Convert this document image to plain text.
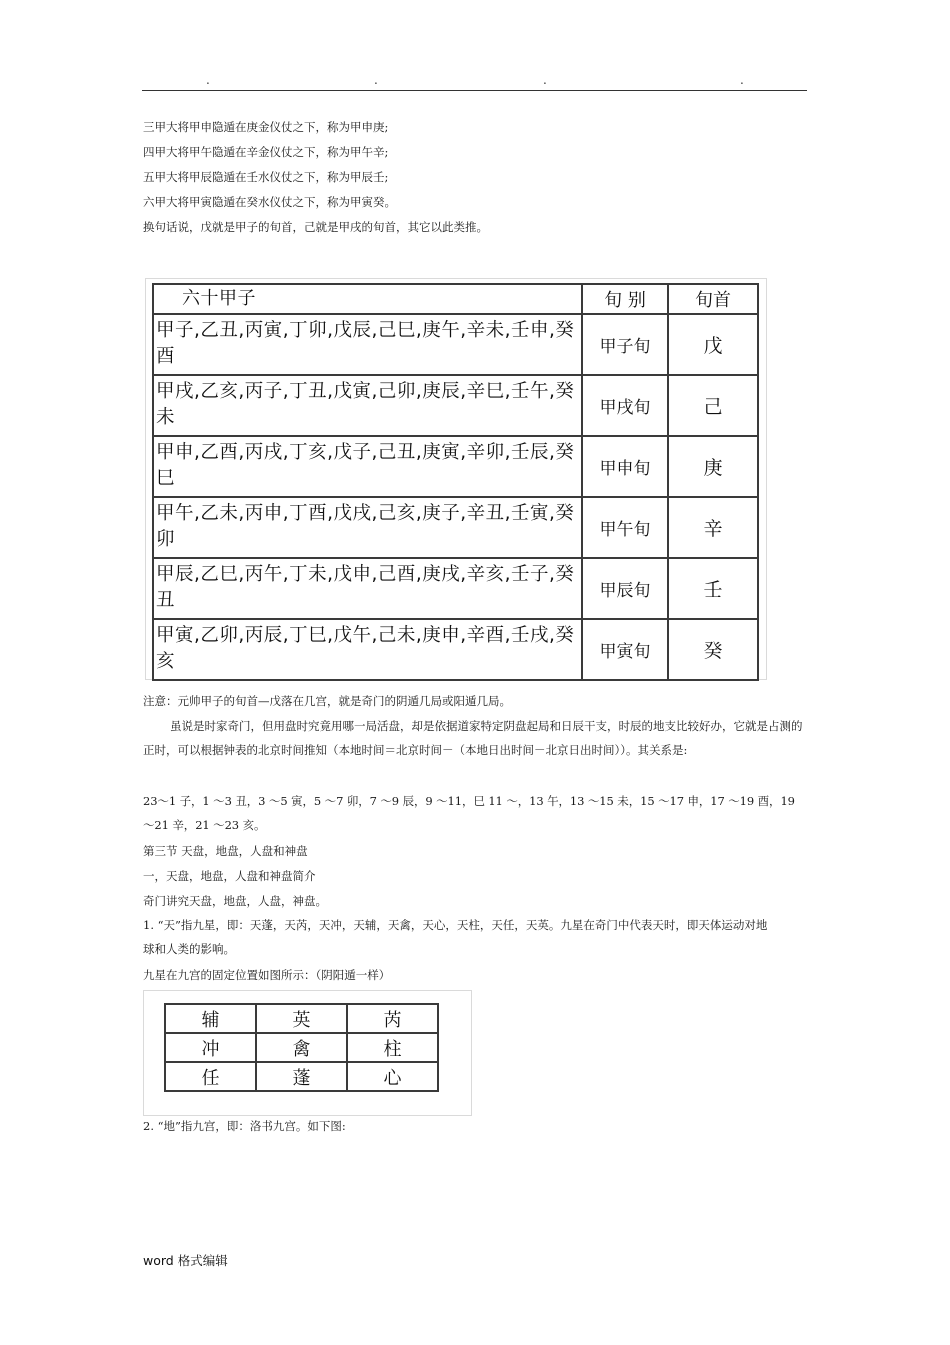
.	.	.	.
三甲大将甲申隐遁在庚金仪仗之下，称为甲申庚;
四甲大将甲午隐遁在辛金仪仗之下，称为甲午辛;
五甲大将甲辰隐遁在壬水仪仗之下，称为甲辰壬;
六甲大将甲寅隐遁在癸水仪仗之下，称为甲寅癸。
换句话说，戊就是甲子的旬首，己就是甲戌的旬首，其它以此类推。
六十甲子	旬 别	旬首
甲子,乙丑,丙寅,丁卯,戊辰,己巳,庚午,辛未,壬申,癸酉	甲子旬	戊
甲戌,乙亥,丙子,丁丑,戊寅,己卯,庚辰,辛巳,壬午,癸未	甲戌旬	己
甲申,乙酉,丙戌,丁亥,戊子,己丑,庚寅,辛卯,壬辰,癸巳	甲申旬	庚
甲午,乙未,丙申,丁酉,戊戌,己亥,庚子,辛丑,壬寅,癸卯	甲午旬	辛
甲辰,乙巳,丙午,丁未,戊申,己酉,庚戌,辛亥,壬子,癸丑	甲辰旬	壬
甲寅,乙卯,丙辰,丁巳,戊午,己未,庚申,辛酉,壬戌,癸亥	甲寅旬	癸
注意：元帅甲子的旬首—戊落在几宫，就是奇门的阴遁几局或阳遁几局。
虽说是时家奇门，但用盘时究竟用哪一局活盘，却是依据道家特定阴盘起局和日辰干支，时辰的地支比较好办，它就是占测的正时，可以根据钟表的北京时间推知（本地时间＝北京时间－（本地日出时间－北京日出时间））。其关系是:
23～1 子，1 ～3 丑，3 ～5 寅，5 ～7 卯，7 ～9 辰，9 ～11，巳 11 ～，13 午，13 ～15 未，15 ～17 申，17 ～19 酉，19 ～21 辛，21 ～23 亥。
第三节 天盘，地盘，人盘和神盘
一，天盘，地盘，人盘和神盘简介
奇门讲究天盘，地盘，人盘，神盘。
1. “天”指九星，即：天蓬，天芮，天冲，天辅，天禽，天心，天柱，天任，天英。九星在奇门中代表天时，即天体运动对地球和人类的影响。
九星在九宫的固定位置如图所示：（阴阳遁一样）
辅	英	芮
冲	禽	柱
任	蓬	心
2. “地”指九宫，即：洛书九宫。如下图:
word 格式编辑
